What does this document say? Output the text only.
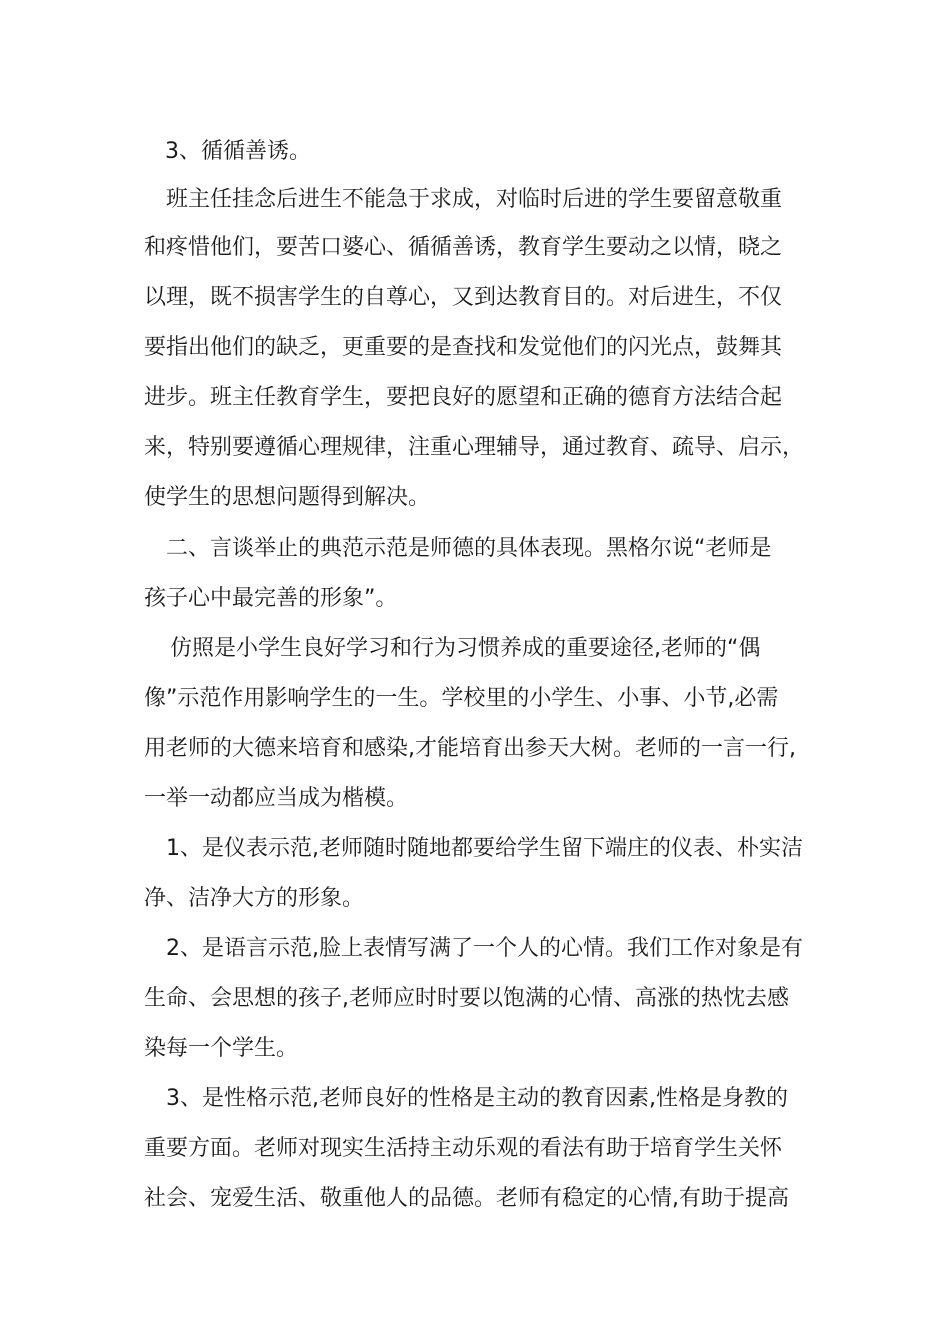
3、循循善诱。
班主任挂念后进生不能急于求成，对临时后进的学生要留意敬重
和疼惜他们，要苦口婆心、循循善诱，教育学生要动之以情，晓之
以理，既不损害学生的自尊心，又到达教育目的。对后进生，不仅
要指出他们的缺乏，更重要的是查找和发觉他们的闪光点，鼓舞其
进步。班主任教育学生，要把良好的愿望和正确的德育方法结合起
来，特别要遵循心理规律，注重心理辅导，通过教育、疏导、启示，
使学生的思想问题得到解决。
二、言谈举止的典范示范是师德的具体表现。黑格尔说“老师是
孩子心中最完善的形象”。
仿照是小学生良好学习和行为习惯养成的重要途径,老师的“偶
像”示范作用影响学生的一生。学校里的小学生、小事、小节,必需
用老师的大德来培育和感染,才能培育出参天大树。老师的一言一行,
一举一动都应当成为楷模。
1、是仪表示范,老师随时随地都要给学生留下端庄的仪表、朴实洁
净、洁净大方的形象。
2、是语言示范,脸上表情写满了一个人的心情。我们工作对象是有
生命、会思想的孩子,老师应时时要以饱满的心情、高涨的热忱去感
染每一个学生。
3、是性格示范,老师良好的性格是主动的教育因素,性格是身教的
重要方面。老师对现实生活持主动乐观的看法有助于培育学生关怀
社会、宠爱生活、敬重他人的品德。老师有稳定的心情,有助于提高
